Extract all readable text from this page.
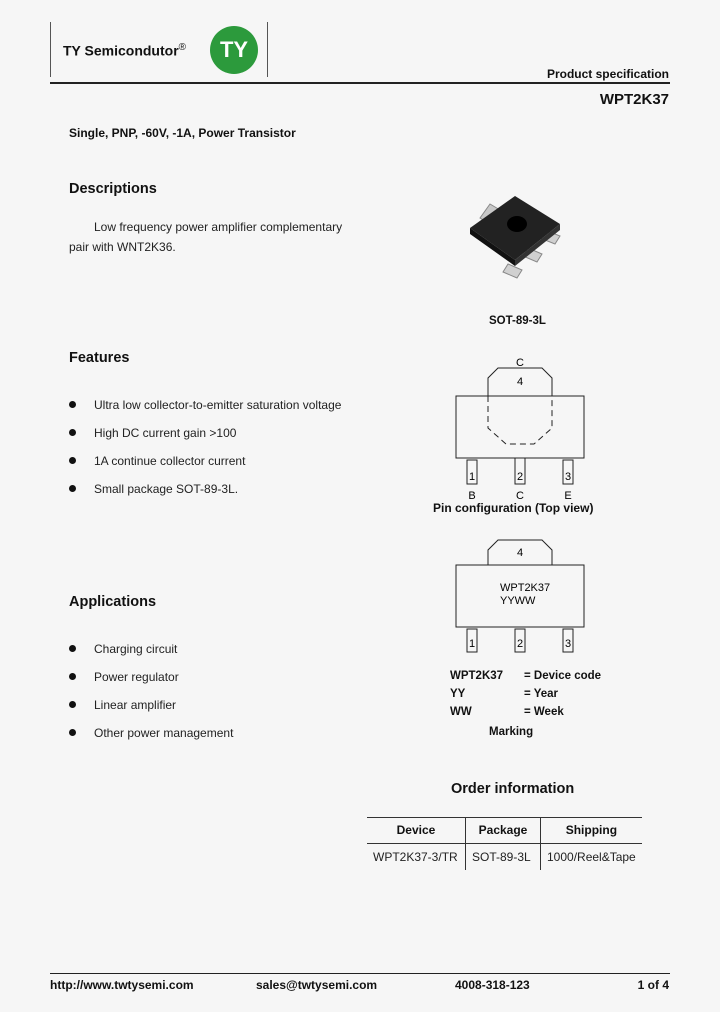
TY Semicondutor®	TY
Product specification
WPT2K37
Single, PNP, -60V, -1A, Power Transistor
Descriptions
Low frequency power amplifier complementary
pair with WNT2K36.
SOT-89-3L
Features
Ultra low collector-to-emitter saturation voltage
High DC current gain >100
1A continue collector current
Small package SOT-89-3L.
C
4
1	2	3
B	C	E
Pin configuration (Top view)
4
WPT2K37
YYWW
1	2	3
WPT2K37 = Device code
YY	= Year
WW	= Week
Marking
Applications
Charging circuit
Power regulator
Linear amplifier
Other power management
Order information
Device	Package	Shipping
WPT2K37-3/TR	SOT-89-3L	1000/Reel&Tape
http://www.twtysemi.com	sales@twtysemi.com	4008-318-123	1 of 4
